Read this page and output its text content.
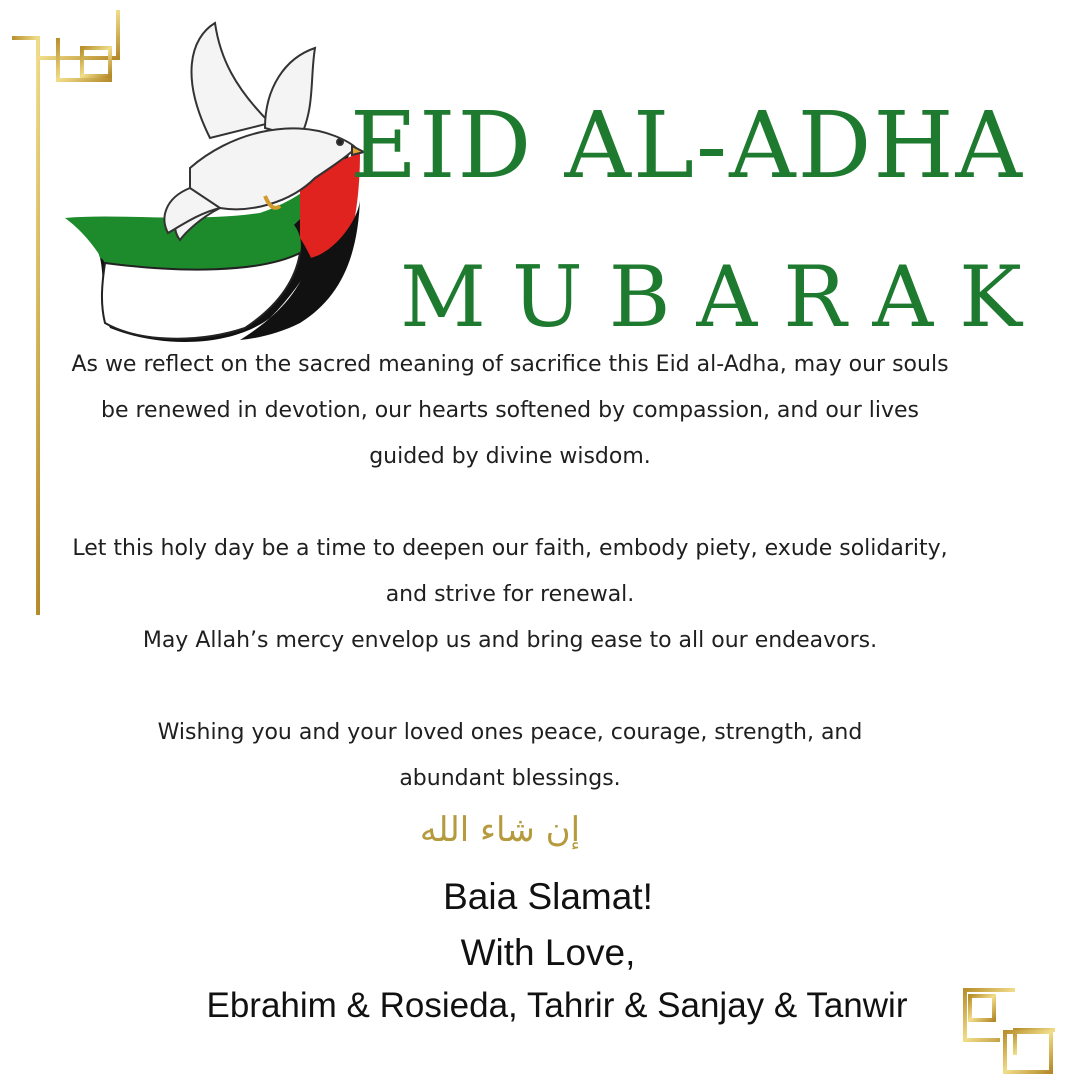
EID AL-ADHA
MUBARAK

As we reflect on the sacred meaning of sacrifice this Eid al-Adha, may our souls be renewed in devotion, our hearts softened by compassion, and our lives guided by divine wisdom.

Let this holy day be a time to deepen our faith, embody piety, exude solidarity, and strive for renewal.

May Allah’s mercy envelop us and bring ease to all our endeavors.

Wishing you and your loved ones peace, courage, strength, and abundant blessings.

إن شاء الله

Baia Slamat!

With Love,

Ebrahim & Rosieda, Tahrir & Sanjay & Tanwir
